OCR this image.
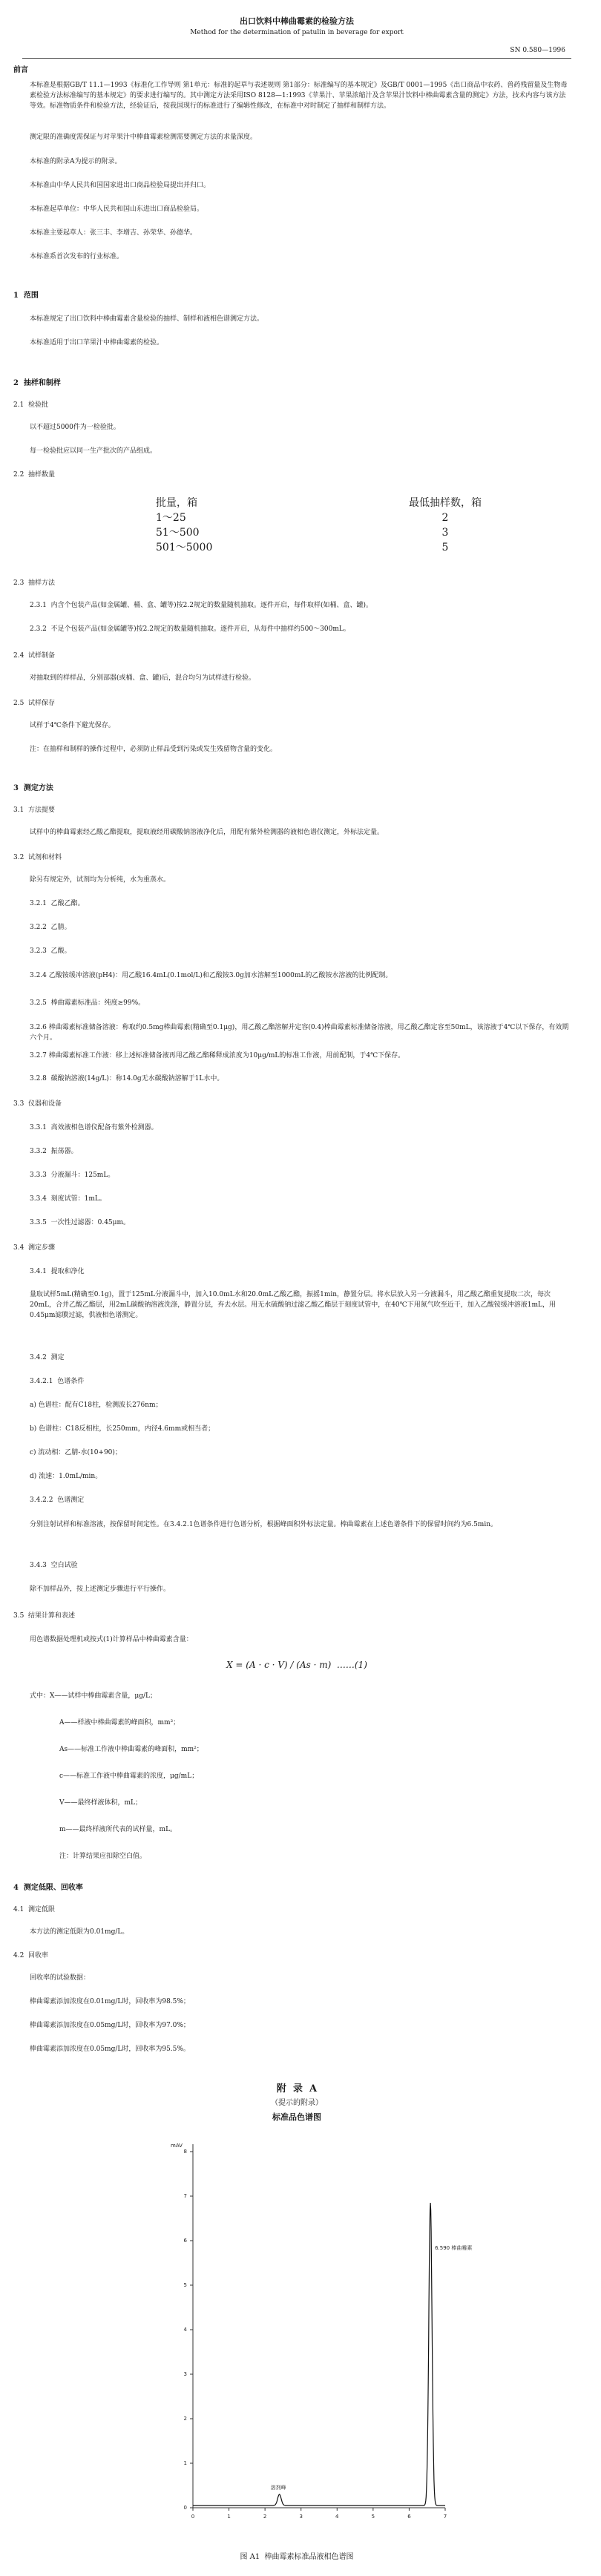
出口饮料中棒曲霉素的检验方法
Method for the determination of patulin in beverage for export
SN 0.580—1996
前言
本标准是根据GB/T 11.1—1993《标准化工作导则 第1单元：标准的起草与表述规则 第1部分：标准编写的基本规定》及GB/T 0001—1995《出口商品中农药、兽药残留量及生物毒素检验方法标准编写的基本规定》的要求进行编写的。其中测定方法采用ISO 8128—1:1993《苹果汁、苹果浓缩汁及含苹果汁饮料中棒曲霉素含量的测定》方法，技术内容与该方法等效。标准物质条件和检验方法，经验证后，按我国现行的标准进行了编辑性修改，在标准中对时制定了抽样和制样方法。
测定限的准确度需保证与对苹果汁中棒曲霉素检测需要测定方法的求量深度。
本标准的附录A为提示的附录。
本标准由中华人民共和国国家进出口商品检验局提出并归口。
本标准起草单位：中华人民共和国山东进出口商品检验局。
本标准主要起草人：张三丰、李增吉、孙荣华、孙德华。
本标准系首次发布的行业标准。
1  范围
本标准规定了出口饮料中棒曲霉素含量检验的抽样、制样和液相色谱测定方法。
本标准适用于出口苹果汁中棒曲霉素的检验。
2  抽样和制样
2.1  检验批
以不超过5000件为一检验批。
每一检验批应以同一生产批次的产品组成。
2.2  抽样数量
批量，箱	最低抽样数，箱
1～25	2
51～500	3
501～5000	5
2.3  抽样方法
2.3.1  内含个包装产品(如金属罐、桶、盒、罐等)按2.2规定的数量随机抽取。逐件开启，每件取样(如桶、盒、罐)。
2.3.2  不足个包装产品(如金属罐等)按2.2规定的数量随机抽取。逐件开启，从每件中抽样约500～300mL。
2.4  试样制备
对抽取到的样样品，分别部器(或桶、盒、罐)后，混合均匀为试样进行检验。
2.5  试样保存
试样于4℃条件下避光保存。
注：在抽样和制样的操作过程中，必须防止样品受到污染或发生残留物含量的变化。
3  测定方法
3.1  方法提要
试样中的棒曲霉素经乙酸乙酯提取，提取液经用碳酸钠溶液净化后，用配有紫外检测器的液相色谱仪测定，外标法定量。
3.2  试剂和材料
除另有规定外，试剂均为分析纯，水为重蒸水。
3.2.1  乙酸乙酯。
3.2.2  乙腈。
3.2.3  乙酸。
3.2.4 乙酸铵缓冲溶液(pH4)：用乙酸16.4mL(0.1mol/L)和乙酸铵3.0g加水溶解至1000mL的乙酸铵水溶液的比例配制。
3.2.5  棒曲霉素标准品：纯度≥99%。
3.2.6 棒曲霉素标准储备溶液：称取约0.5mg棒曲霉素(精确至0.1μg)，用乙酸乙酯溶解并定容(0.4)棒曲霉素标准储备溶液，用乙酸乙酯定容至50mL，该溶液于4℃以下保存，有效期六个月。
3.2.7 棒曲霉素标准工作液：移上述标准储备液再用乙酸乙酯稀释成浓度为10μg/mL的标准工作液，用前配制，于4℃下保存。
3.2.8  碳酸钠溶液(14g/L)：称14.0g无水碳酸钠溶解于1L水中。
3.3  仪器和设备
3.3.1  高效液相色谱仪配备有紫外检测器。
3.3.2  振荡器。
3.3.3  分液漏斗：125mL。
3.3.4  刻度试管：1mL。
3.3.5  一次性过滤器：0.45μm。
3.4  测定步骤
3.4.1  提取和净化
量取试样5mL(精确至0.1g)，置于125mL分液漏斗中，加入10.0mL水和20.0mL乙酸乙酯，振摇1min，静置分层。将水层放入另一分液漏斗，用乙酸乙酯重复提取二次，每次20mL，合并乙酸乙酯层，用2mL碳酸钠溶液洗涤，静置分层，弃去水层。用无水硫酸钠过滤乙酸乙酯层于刻度试管中，在40℃下用氮气吹至近干，加入乙酸铵缓冲溶液1mL，用0.45μm滤膜过滤，供液相色谱测定。
3.4.2  测定
3.4.2.1  色谱条件
a) 色谱柱：配有C18柱，检测波长276nm；
b) 色谱柱：C18反相柱，长250mm，内径4.6mm或相当者；
c) 流动相：乙腈-水(10+90)；
d) 流速：1.0mL/min。
3.4.2.2  色谱测定
分别注射试样和标准溶液，按保留时间定性。在3.4.2.1色谱条件进行色谱分析，根据峰面积外标法定量。棒曲霉素在上述色谱条件下的保留时间约为6.5min。
3.4.3  空白试验
除不加样品外，按上述测定步骤进行平行操作。
3.5  结果计算和表述
用色谱数据处理机或按式(1)计算样品中棒曲霉素含量：
X = (A · c · V) / (As · m)  ……(1)
式中：X——试样中棒曲霉素含量，μg/L；
A——样液中棒曲霉素的峰面积，mm²；
As——标准工作液中棒曲霉素的峰面积，mm²；
c——标准工作液中棒曲霉素的浓度，μg/mL；
V——最终样液体积，mL；
m——最终样液所代表的试样量，mL。
注：计算结果应扣除空白值。
4  测定低限、回收率
4.1  测定低限
本方法的测定低限为0.01mg/L。
4.2  回收率
回收率的试验数据：
棒曲霉素添加浓度在0.01mg/L时，回收率为98.5%；
棒曲霉素添加浓度在0.05mg/L时，回收率为97.0%；
棒曲霉素添加浓度在0.05mg/L时，回收率为95.5%。
附  录  A
（提示的附录）
标准品色谱图
mAV
8
7
6
5
4
3
2
1
0
0	1	2	3	4	5	6	7
6.590 棒曲霉素
溶剂峰
图 A1  棒曲霉素标准品液相色谱图
